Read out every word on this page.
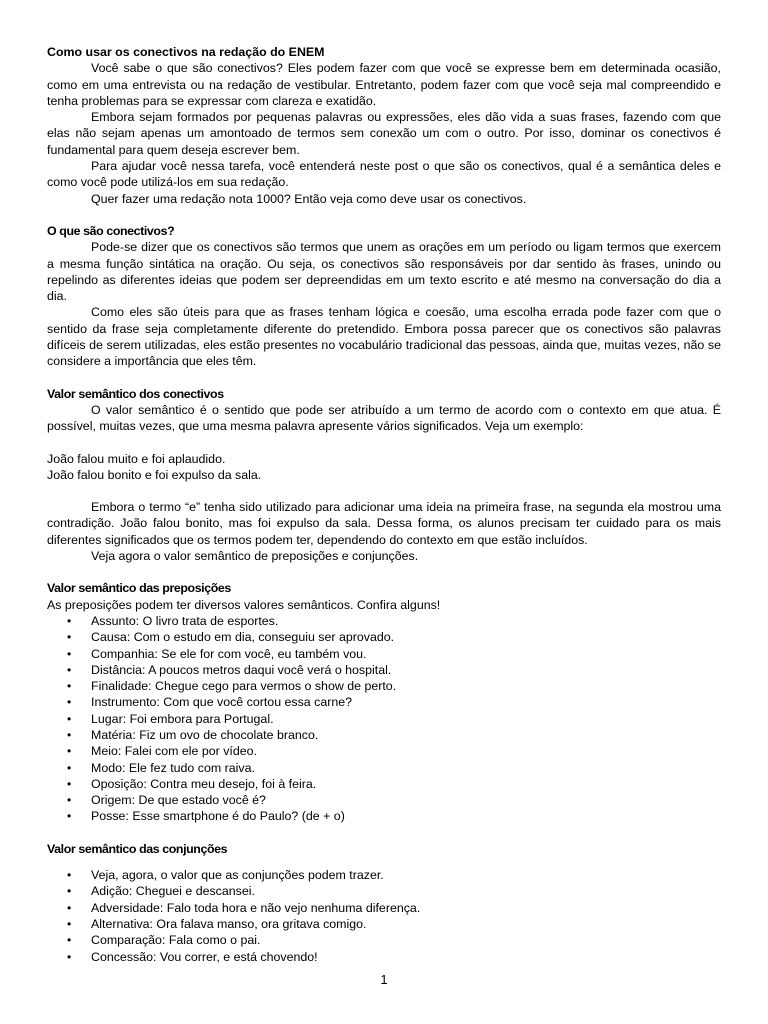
Como usar os conectivos na redação do ENEM

Você sabe o que são conectivos? Eles podem fazer com que você se expresse bem em determinada ocasião, como em uma entrevista ou na redação de vestibular. Entretanto, podem fazer com que você seja mal compreendido e tenha problemas para se expressar com clareza e exatidão.

Embora sejam formados por pequenas palavras ou expressões, eles dão vida a suas frases, fazendo com que elas não sejam apenas um amontoado de termos sem conexão um com o outro. Por isso, dominar os conectivos é fundamental para quem deseja escrever bem.

Para ajudar você nessa tarefa, você entenderá neste post o que são os conectivos, qual é a semântica deles e como você pode utilizá-los em sua redação.

Quer fazer uma redação nota 1000? Então veja como deve usar os conectivos.

O que são conectivos?

Pode-se dizer que os conectivos são termos que unem as orações em um período ou ligam termos que exercem a mesma função sintática na oração. Ou seja, os conectivos são responsáveis por dar sentido às frases, unindo ou repelindo as diferentes ideias que podem ser depreendidas em um texto escrito e até mesmo na conversação do dia a dia.

Como eles são úteis para que as frases tenham lógica e coesão, uma escolha errada pode fazer com que o sentido da frase seja completamente diferente do pretendido. Embora possa parecer que os conectivos são palavras difíceis de serem utilizadas, eles estão presentes no vocabulário tradicional das pessoas, ainda que, muitas vezes, não se considere a importância que eles têm.

Valor semântico dos conectivos

O valor semântico é o sentido que pode ser atribuído a um termo de acordo com o contexto em que atua. É possível, muitas vezes, que uma mesma palavra apresente vários significados. Veja um exemplo:

João falou muito e foi aplaudido.

João falou bonito e foi expulso da sala.

Embora o termo “e” tenha sido utilizado para adicionar uma ideia na primeira frase, na segunda ela mostrou uma contradição. João falou bonito, mas foi expulso da sala. Dessa forma, os alunos precisam ter cuidado para os mais diferentes significados que os termos podem ter, dependendo do contexto em que estão incluídos.

Veja agora o valor semântico de preposições e conjunções.

Valor semântico das preposições

As preposições podem ter diversos valores semânticos. Confira alguns!

• Assunto: O livro trata de esportes.
• Causa: Com o estudo em dia, conseguiu ser aprovado.
• Companhia: Se ele for com você, eu também vou.
• Distância: A poucos metros daqui você verá o hospital.
• Finalidade: Chegue cego para vermos o show de perto.
• Instrumento: Com que você cortou essa carne?
• Lugar: Foi embora para Portugal.
• Matéria: Fiz um ovo de chocolate branco.
• Meio: Falei com ele por vídeo.
• Modo: Ele fez tudo com raiva.
• Oposição: Contra meu desejo, foi à feira.
• Origem: De que estado você é?
• Posse: Esse smartphone é do Paulo? (de + o)
Valor semântico das conjunções
• Veja, agora, o valor que as conjunções podem trazer.
• Adição: Cheguei e descansei.
• Adversidade: Falo toda hora e não vejo nenhuma diferença.
• Alternativa: Ora falava manso, ora gritava comigo.
• Comparação: Fala como o pai.
• Concessão: Vou correr, e está chovendo!
1
